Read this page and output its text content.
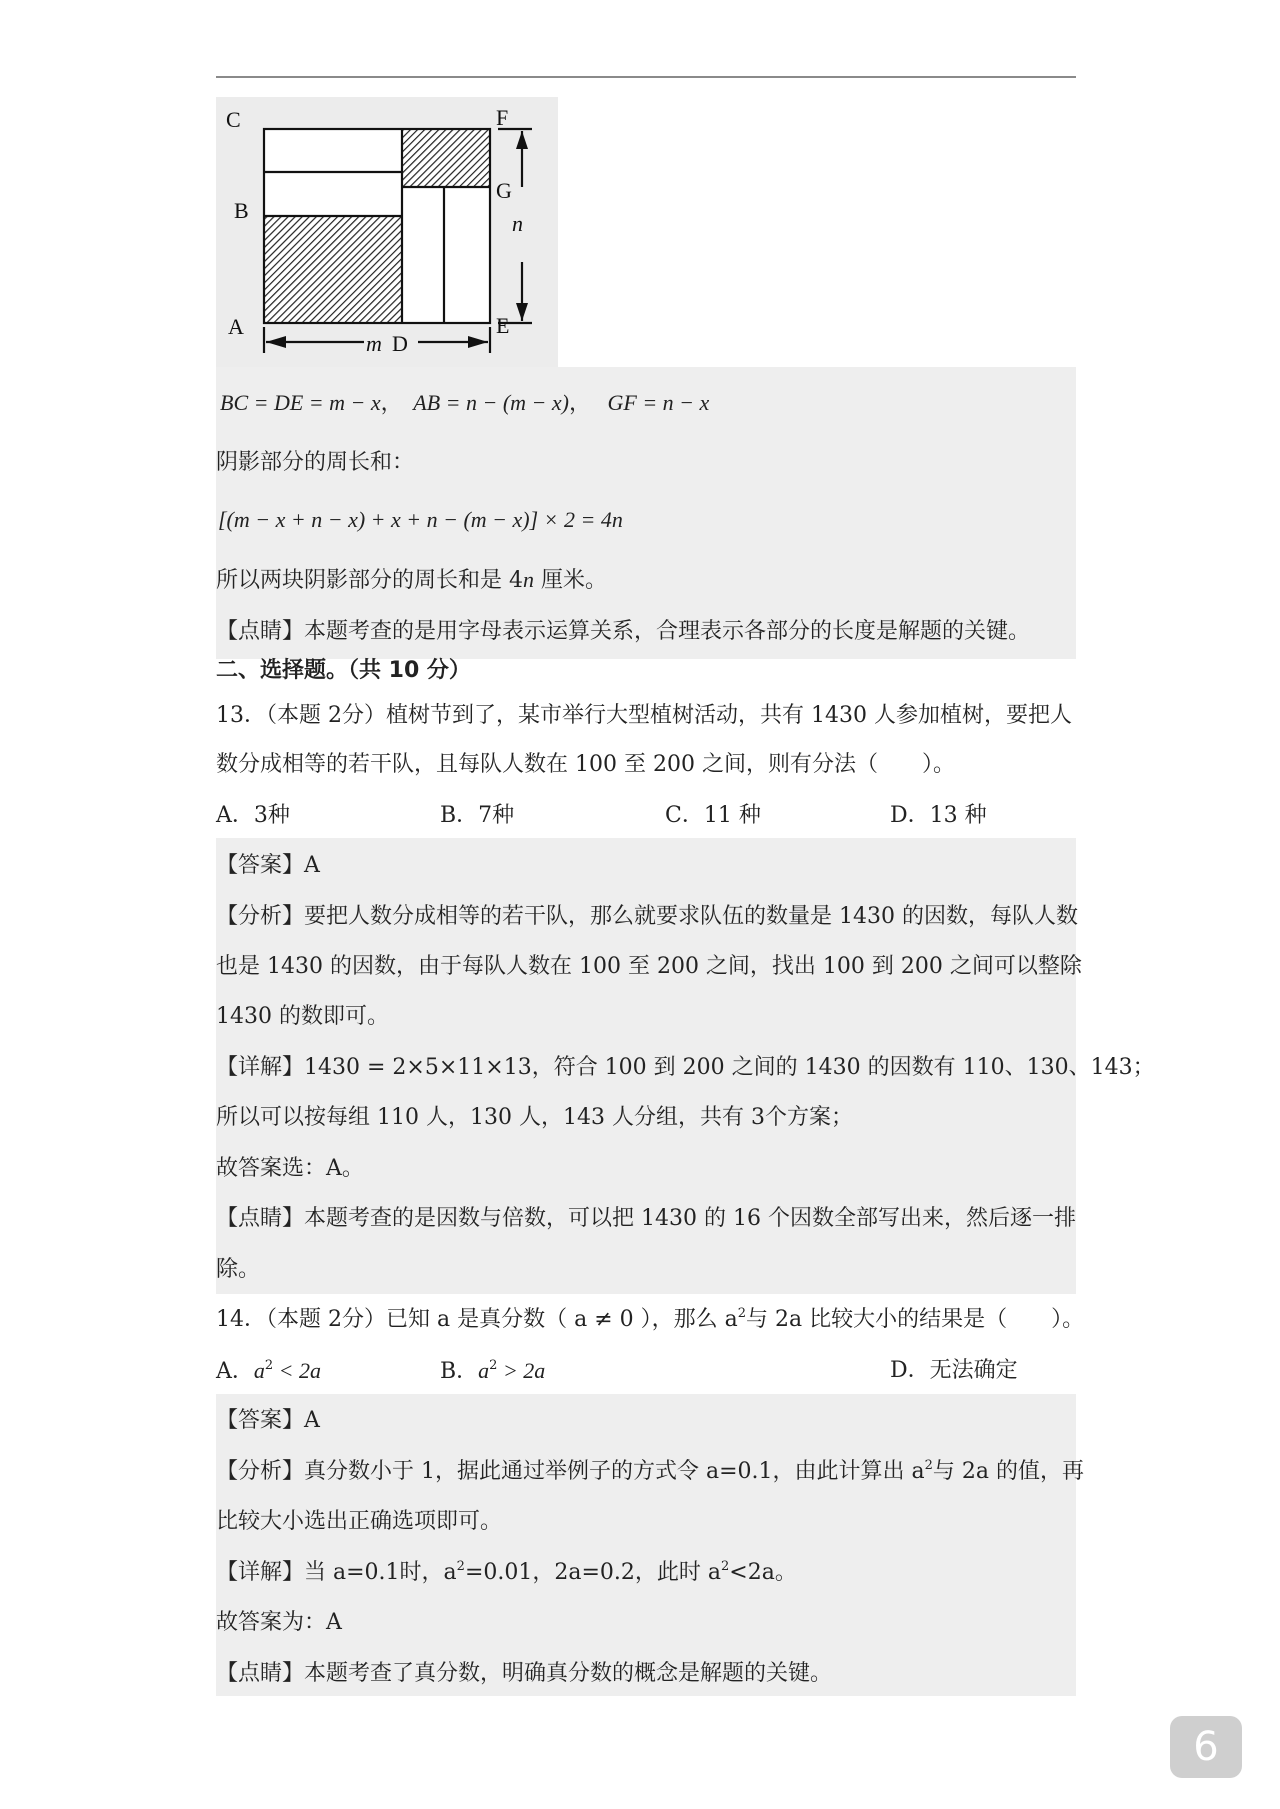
C
B
A
F
G
E
n
m D
BC = DE = m − x， AB = n − (m − x)， GF = n − x
阴影部分的周长和：
[(m − x + n − x) + x + n − (m − x)] × 2 = 4n
所以两块阴影部分的周长和是 4n 厘米。
【点睛】本题考查的是用字母表示运算关系，合理表示各部分的长度是解题的关键。
二、选择题。（共 10 分）
13．（本题 2分）植树节到了，某市举行大型植树活动，共有 1430 人参加植树，要把人
数分成相等的若干队，且每队人数在 100 至 200 之间，则有分法（　　）。
A．3种	B．7种	C．11 种	D．13 种
【答案】A
【分析】要把人数分成相等的若干队，那么就要求队伍的数量是 1430 的因数，每队人数
也是 1430 的因数，由于每队人数在 100 至 200 之间，找出 100 到 200 之间可以整除
1430 的数即可。
【详解】1430 = 2×5×11×13，符合 100 到 200 之间的 1430 的因数有 110、130、143；
所以可以按每组 110 人，130 人，143 人分组，共有 3个方案；
故答案选：A。
【点睛】本题考查的是因数与倍数，可以把 1430 的 16 个因数全部写出来，然后逐一排
除。
14．（本题 2分）已知 a 是真分数（ a ≠ 0 ），那么 $a^2$与 2a 比较大小的结果是（　　）。
A．$a^2 < 2a$	B．$a^2 > 2a$	D．无法确定
【答案】A
【分析】真分数小于 1，据此通过举例子的方式令 a=0.1，由此计算出 $a^2$与 2a 的值，再
比较大小选出正确选项即可。
【详解】当 a=0.1时，$a^2=0.01$，2a=0.2，此时 $a^2<2a$。
故答案为：A
【点睛】本题考查了真分数，明确真分数的概念是解题的关键。
6
